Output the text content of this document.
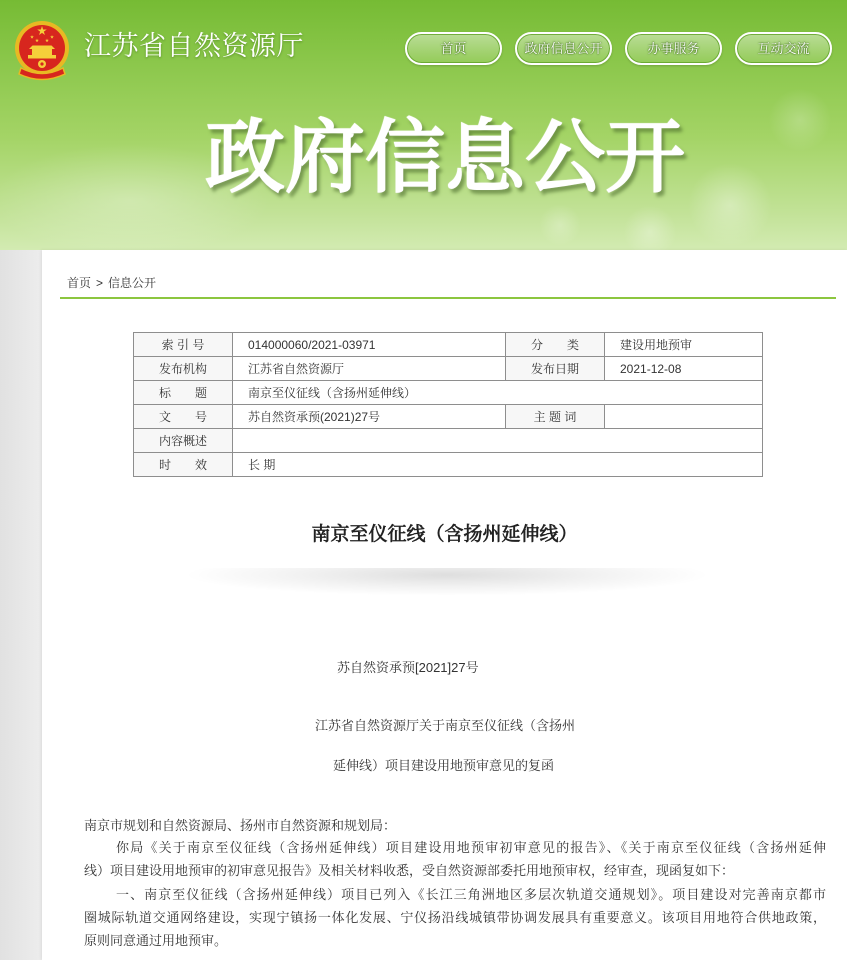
江苏省自然资源厅	首页	政府信息公开	办事服务	互动交流
政府信息公开
首页 > 信息公开
索 引 号	014000060/2021-03971	分　　类	建设用地预审
发布机构	江苏省自然资源厅	发布日期	2021-12-08
标　　题	南京至仪征线（含扬州延伸线）		
文　　号	苏自然资承预(2021)27号	主 题 词	
内容概述			
时　　效	长 期		
南京至仪征线（含扬州延伸线）
苏自然资承预[2021]27号
江苏省自然资源厅关于南京至仪征线（含扬州
延伸线）项目建设用地预审意见的复函
南京市规划和自然资源局、扬州市自然资源和规划局：
你局《关于南京至仪征线（含扬州延伸线）项目建设用地预审初审意见的报告》、《关于南京至仪征线（含扬州延伸
线）项目建设用地预审的初审意见报告》及相关材料收悉，受自然资源部委托用地预审权，经审查，现函复如下：
一、南京至仪征线（含扬州延伸线）项目已列入《长江三角洲地区多层次轨道交通规划》。项目建设对完善南京都市
圈城际轨道交通网络建设，实现宁镇扬一体化发展、宁仪扬沿线城镇带协调发展具有重要意义。该项目用地符合供地政策，
原则同意通过用地预审。
